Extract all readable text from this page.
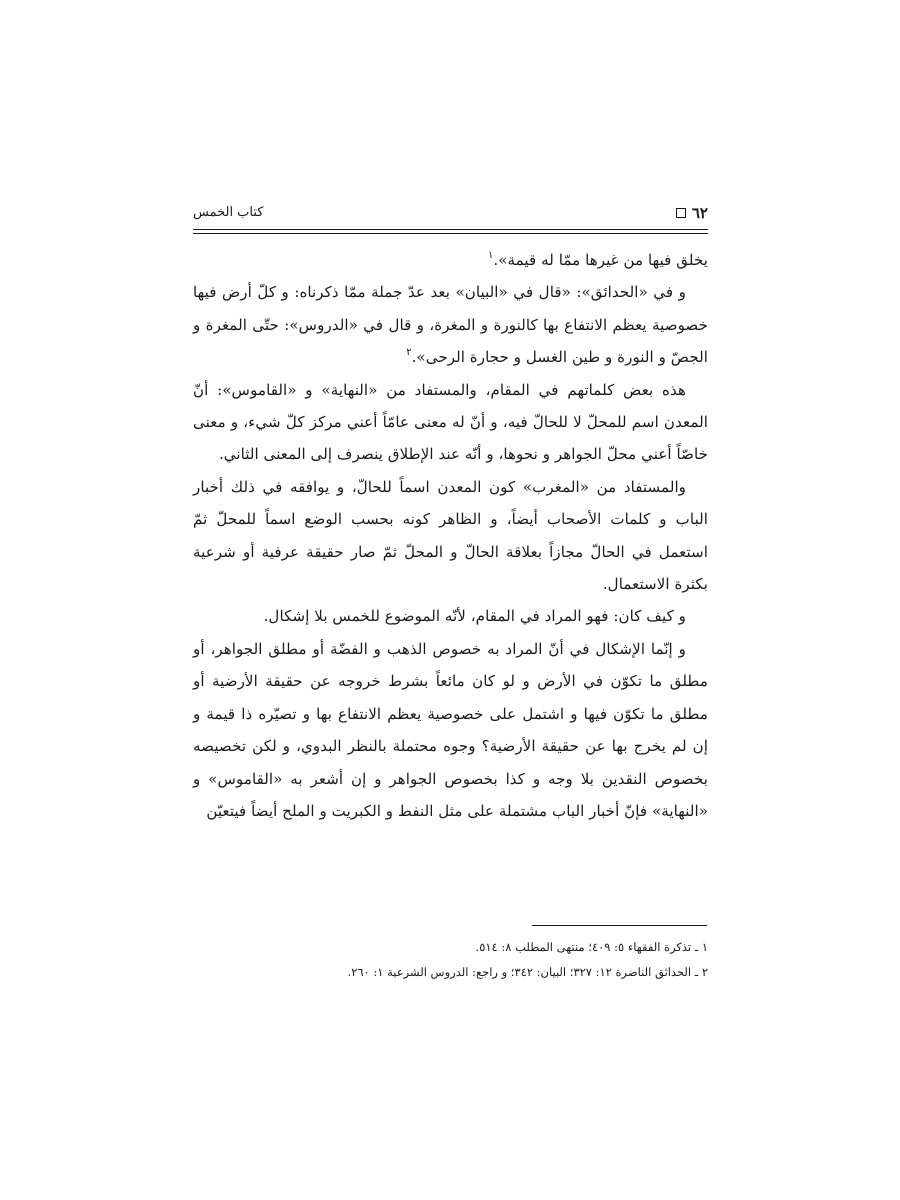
٦٢
كتاب الخمس

يخلق فيها من غيرها ممّا له قيمة».$^١$

و في «الحدائق»: «قال في «البيان» بعد عدّ جملة ممّا ذكرناه: و كلّ أرض فيها خصوصية يعظم الانتفاع بها كالنورة و المغرة، و قال في «الدروس»: حتّى المغرة و الجصّ و النورة و طين الغسل و حجارة الرحى».$^٢$

هذه بعض كلماتهم في المقام، والمستفاد من «النهاية» و «القاموس»: أنّ المعدن اسم للمحلّ لا للحالّ فيه، و أنّ له معنى عامّاً أعني مركز كلّ شيء، و معنى خاصّاً أعني محلّ الجواهر و نحوها، و أنّه عند الإطلاق ينصرف إلى المعنى الثاني.

والمستفاد من «المغرب» كون المعدن اسماً للحالّ، و يوافقه في ذلك أخبار الباب و كلمات الأصحاب أيضاً، و الظاهر كونه بحسب الوضع اسماً للمحلّ ثمّ استعمل في الحالّ مجازاً بعلاقة الحالّ و المحلّ ثمّ صار حقيقة عرفية أو شرعية بكثرة الاستعمال.

و كيف كان: فهو المراد في المقام، لأنّه الموضوع للخمس بلا إشكال.

و إنّما الإشكال في أنّ المراد به خصوص الذهب و الفضّة أو مطلق الجواهر، أو مطلق ما تكوّن في الأرض و لو كان مائعاً بشرط خروجه عن حقيقة الأرضية أو مطلق ما تكوّن فيها و اشتمل على خصوصية يعظم الانتفاع بها و تصيّره ذا قيمة و إن لم يخرج بها عن حقيقة الأرضية؟ وجوه محتملة بالنظر البدوي، و لكن تخصيصه بخصوص النقدين بلا وجه و كذا بخصوص الجواهر و إن أشعر به «القاموس» و «النهاية» فإنّ أخبار الباب مشتملة على مثل النفط و الكبريت و الملح أيضاً فيتعيّن

١ ـ تذكرة الفقهاء ٥: ٤٠٩؛ منتهى المطلب ٨: ٥١٤.
٢ ـ الحدائق الناضرة ١٢: ٣٢٧؛ البيان: ٣٤٢؛ و راجع: الدروس الشرعية ١: ٢٦٠.
